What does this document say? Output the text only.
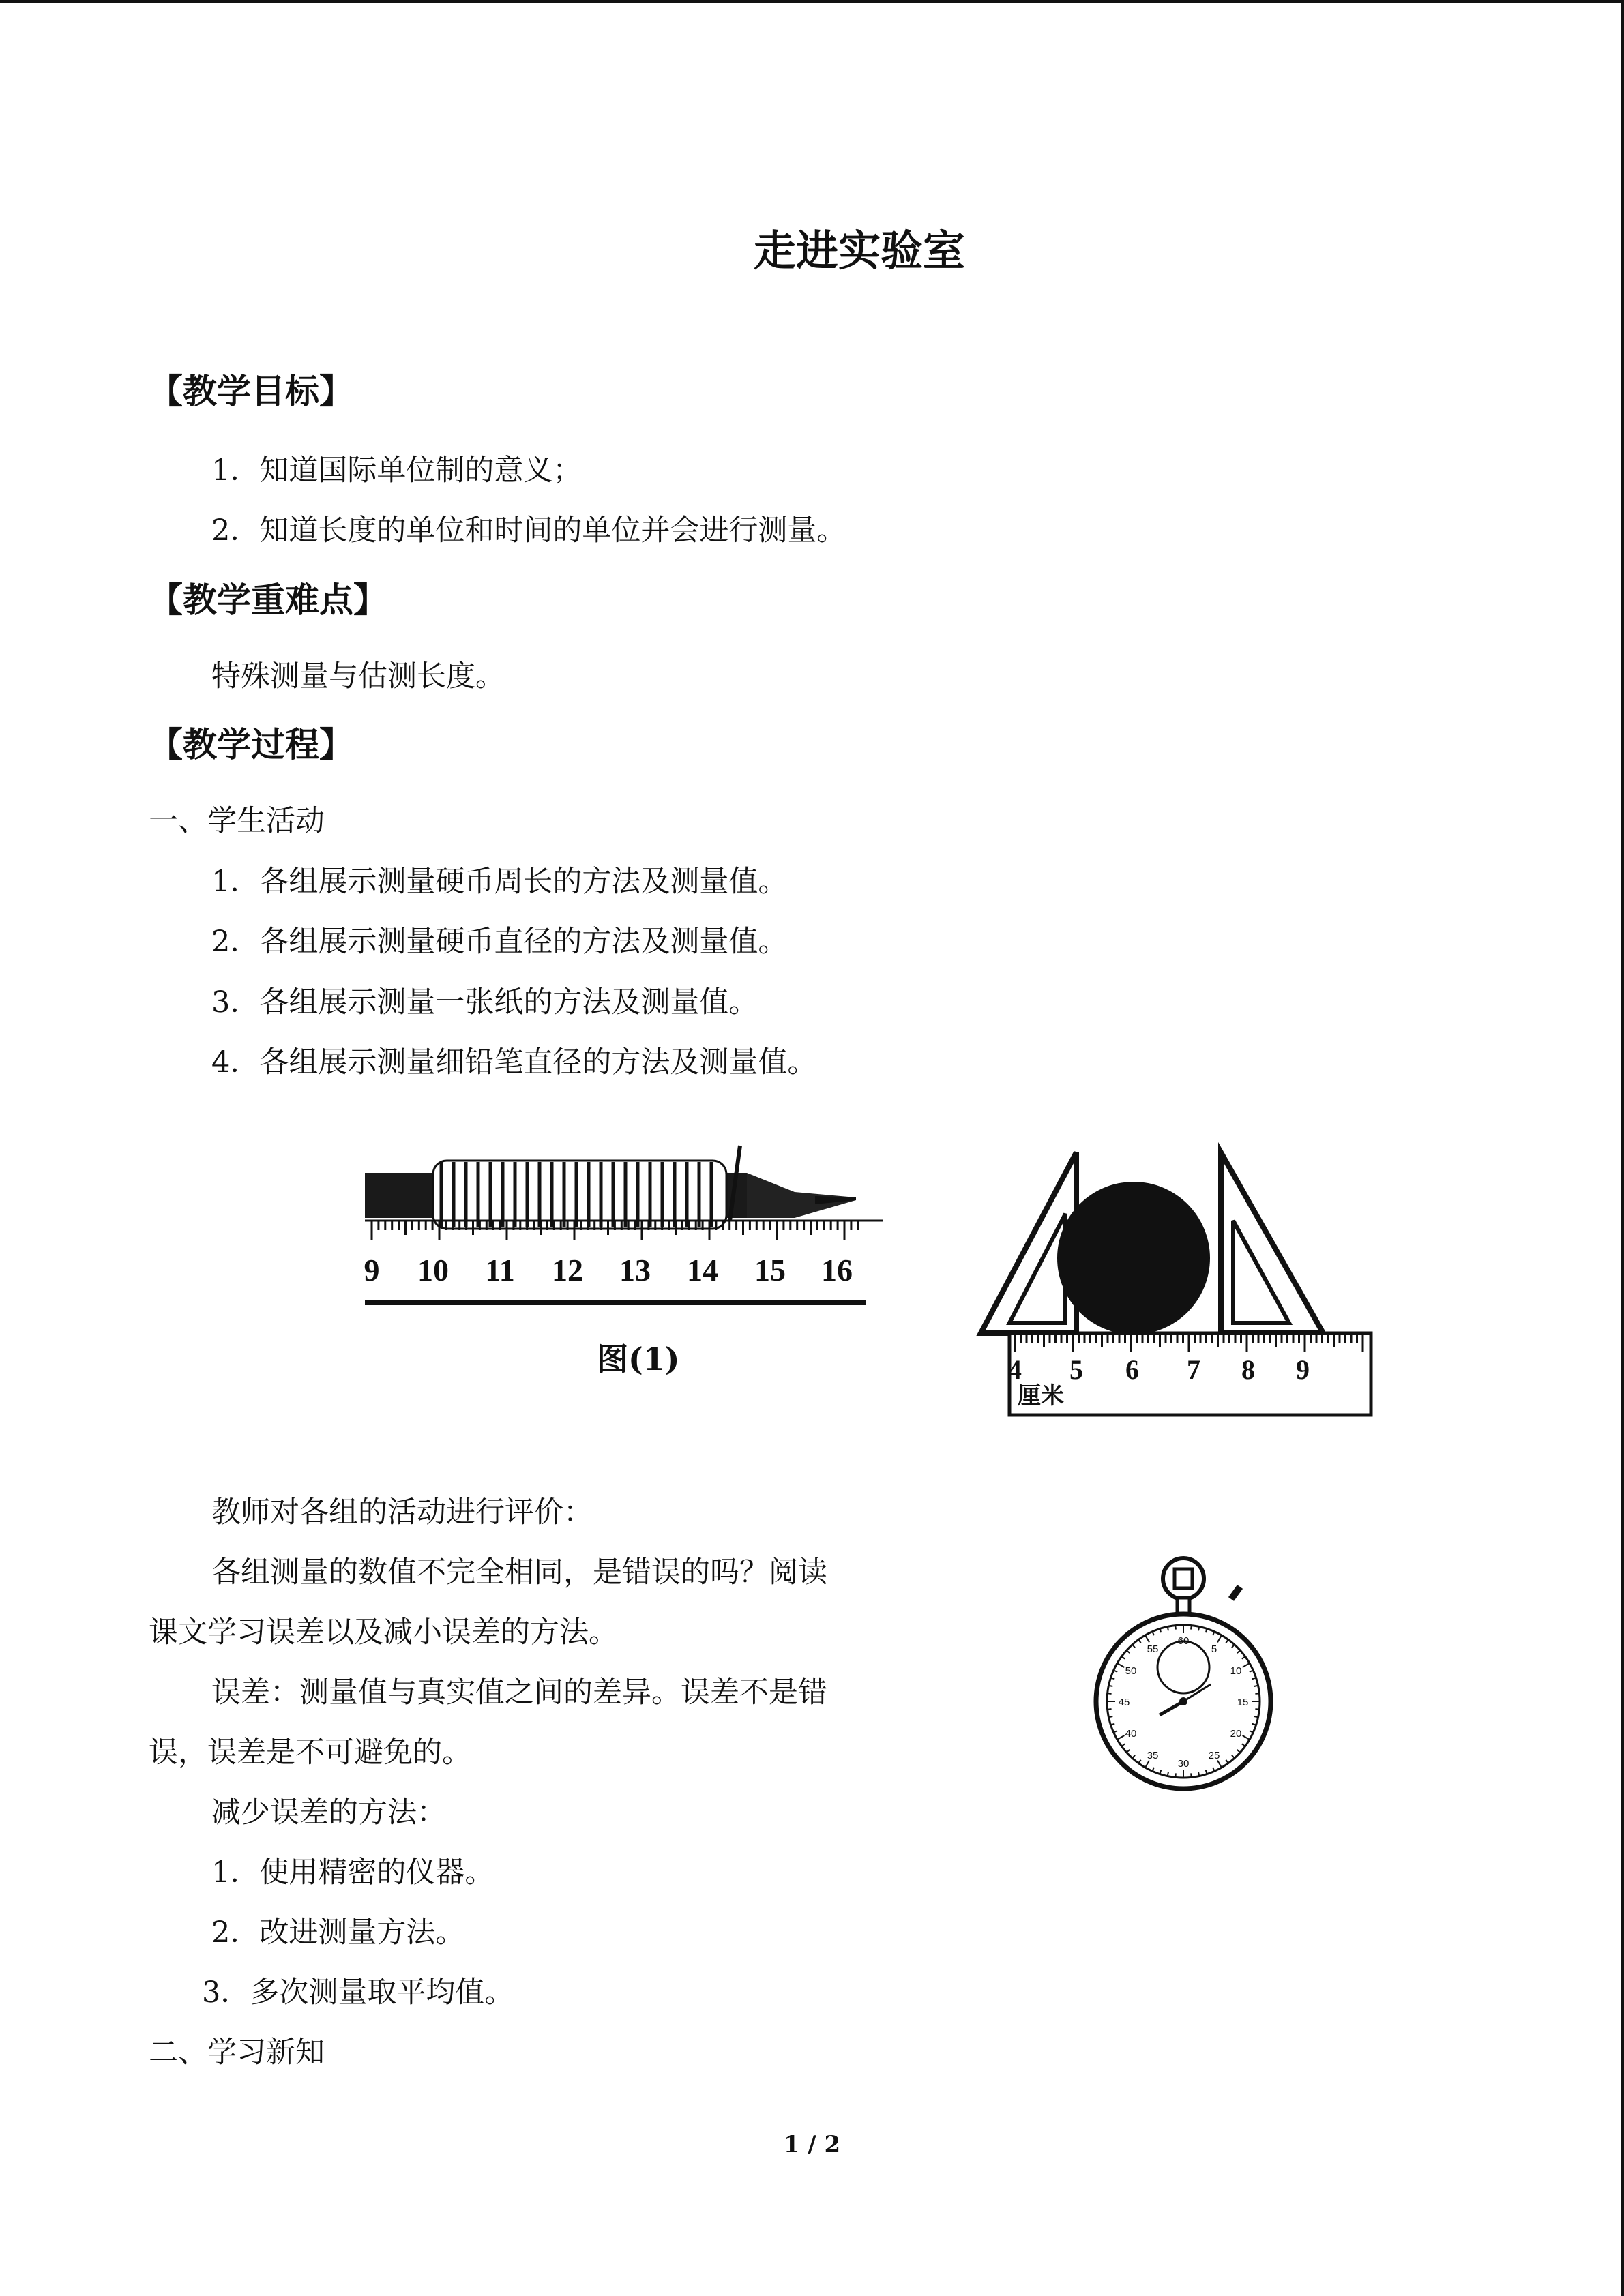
走进实验室
【教学目标】
1．知道国际单位制的意义；
2．知道长度的单位和时间的单位并会进行测量。
【教学重难点】
特殊测量与估测长度。
【教学过程】
一、学生活动
1．各组展示测量硬币周长的方法及测量值。
2．各组展示测量硬币直径的方法及测量值。
3．各组展示测量一张纸的方法及测量值。
4．各组展示测量细铅笔直径的方法及测量值。
9 10 11 12 13 14 15 16
图(1)	4 5 6 7 8 9
厘米
教师对各组的活动进行评价：
各组测量的数值不完全相同，是错误的吗？阅读
课文学习误差以及减小误差的方法。
误差：测量值与真实值之间的差异。误差不是错
误，误差是不可避免的。
减少误差的方法：
1．使用精密的仪器。
2．改进测量方法。
3．多次测量取平均值。
二、学习新知
5
10
15
20
25
30
35
40
45
50
55
60
1 / 2
